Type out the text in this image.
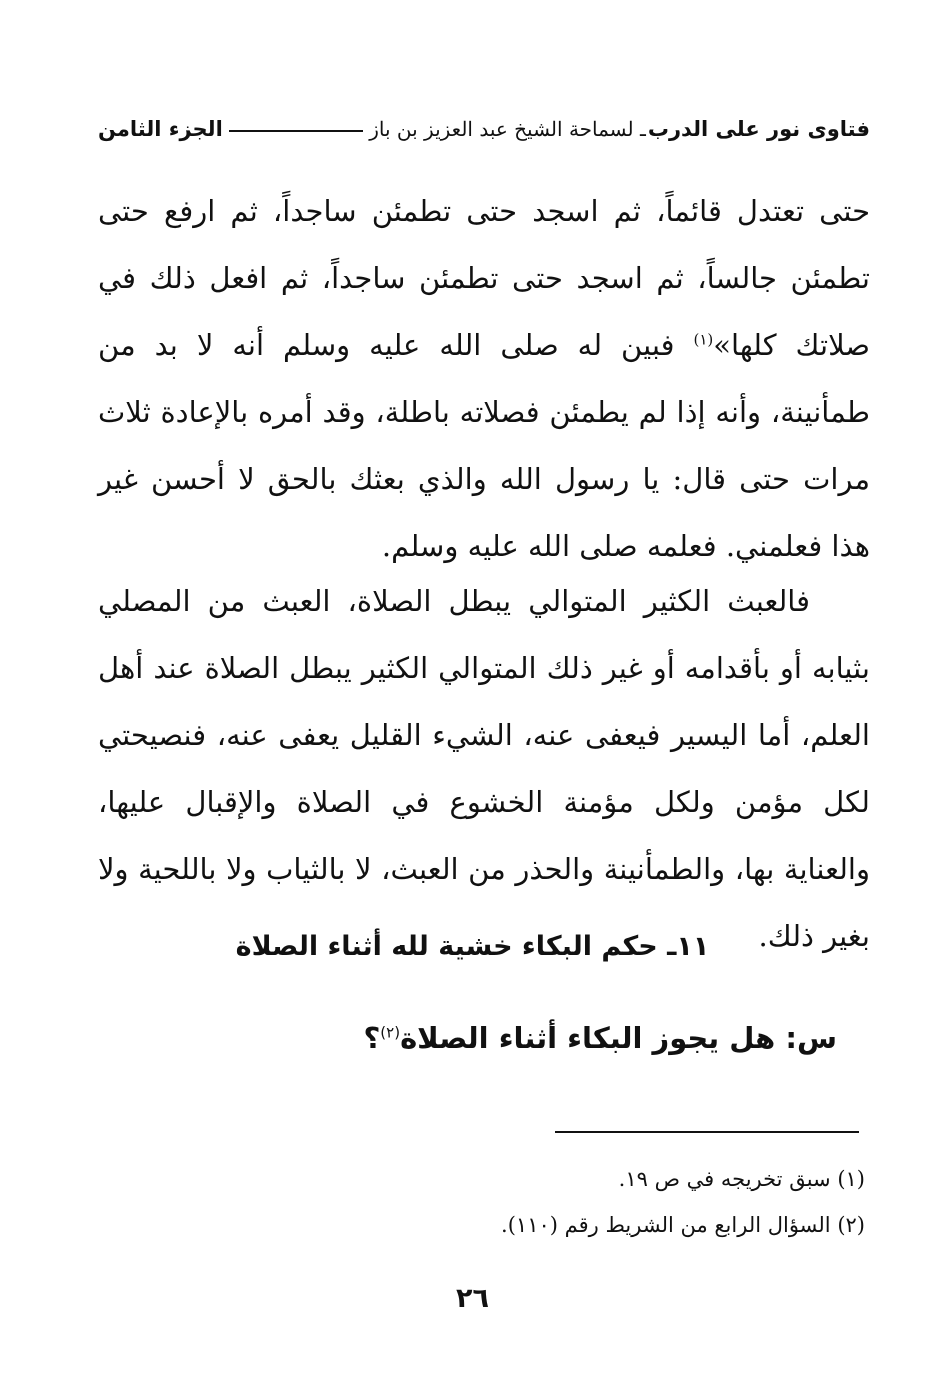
فتاوى نور على الدرب
ـ لسماحة الشيخ عبد العزيز بن باز
الجزء الثامن
حتى تعتدل قائماً، ثم اسجد حتى تطمئن ساجداً، ثم ارفع حتى تطمئن جالساً، ثم اسجد حتى تطمئن ساجداً، ثم افعل ذلك في صلاتك كلها»$^{(١)}$ فبين له صلى الله عليه وسلم أنه لا بد من طمأنينة، وأنه إذا لم يطمئن فصلاته باطلة، وقد أمره بالإعادة ثلاث مرات حتى قال: يا رسول الله والذي بعثك بالحق لا أحسن غير هذا فعلمني. فعلمه صلى الله عليه وسلم.
فالعبث الكثير المتوالي يبطل الصلاة، العبث من المصلي بثيابه أو بأقدامه أو غير ذلك المتوالي الكثير يبطل الصلاة عند أهل العلم، أما اليسير فيعفى عنه، الشيء القليل يعفى عنه، فنصيحتي لكل مؤمن ولكل مؤمنة الخشوع في الصلاة والإقبال عليها، والعناية بها، والطمأنينة والحذر من العبث، لا بالثياب ولا باللحية ولا بغير ذلك.
١١ـ حكم البكاء خشية لله أثناء الصلاة
س: هل يجوز البكاء أثناء الصلاة$^{(٢)}$؟
(١) سبق تخريجه في ص ١٩.
(٢) السؤال الرابع من الشريط رقم (١١٠).
٢٦
